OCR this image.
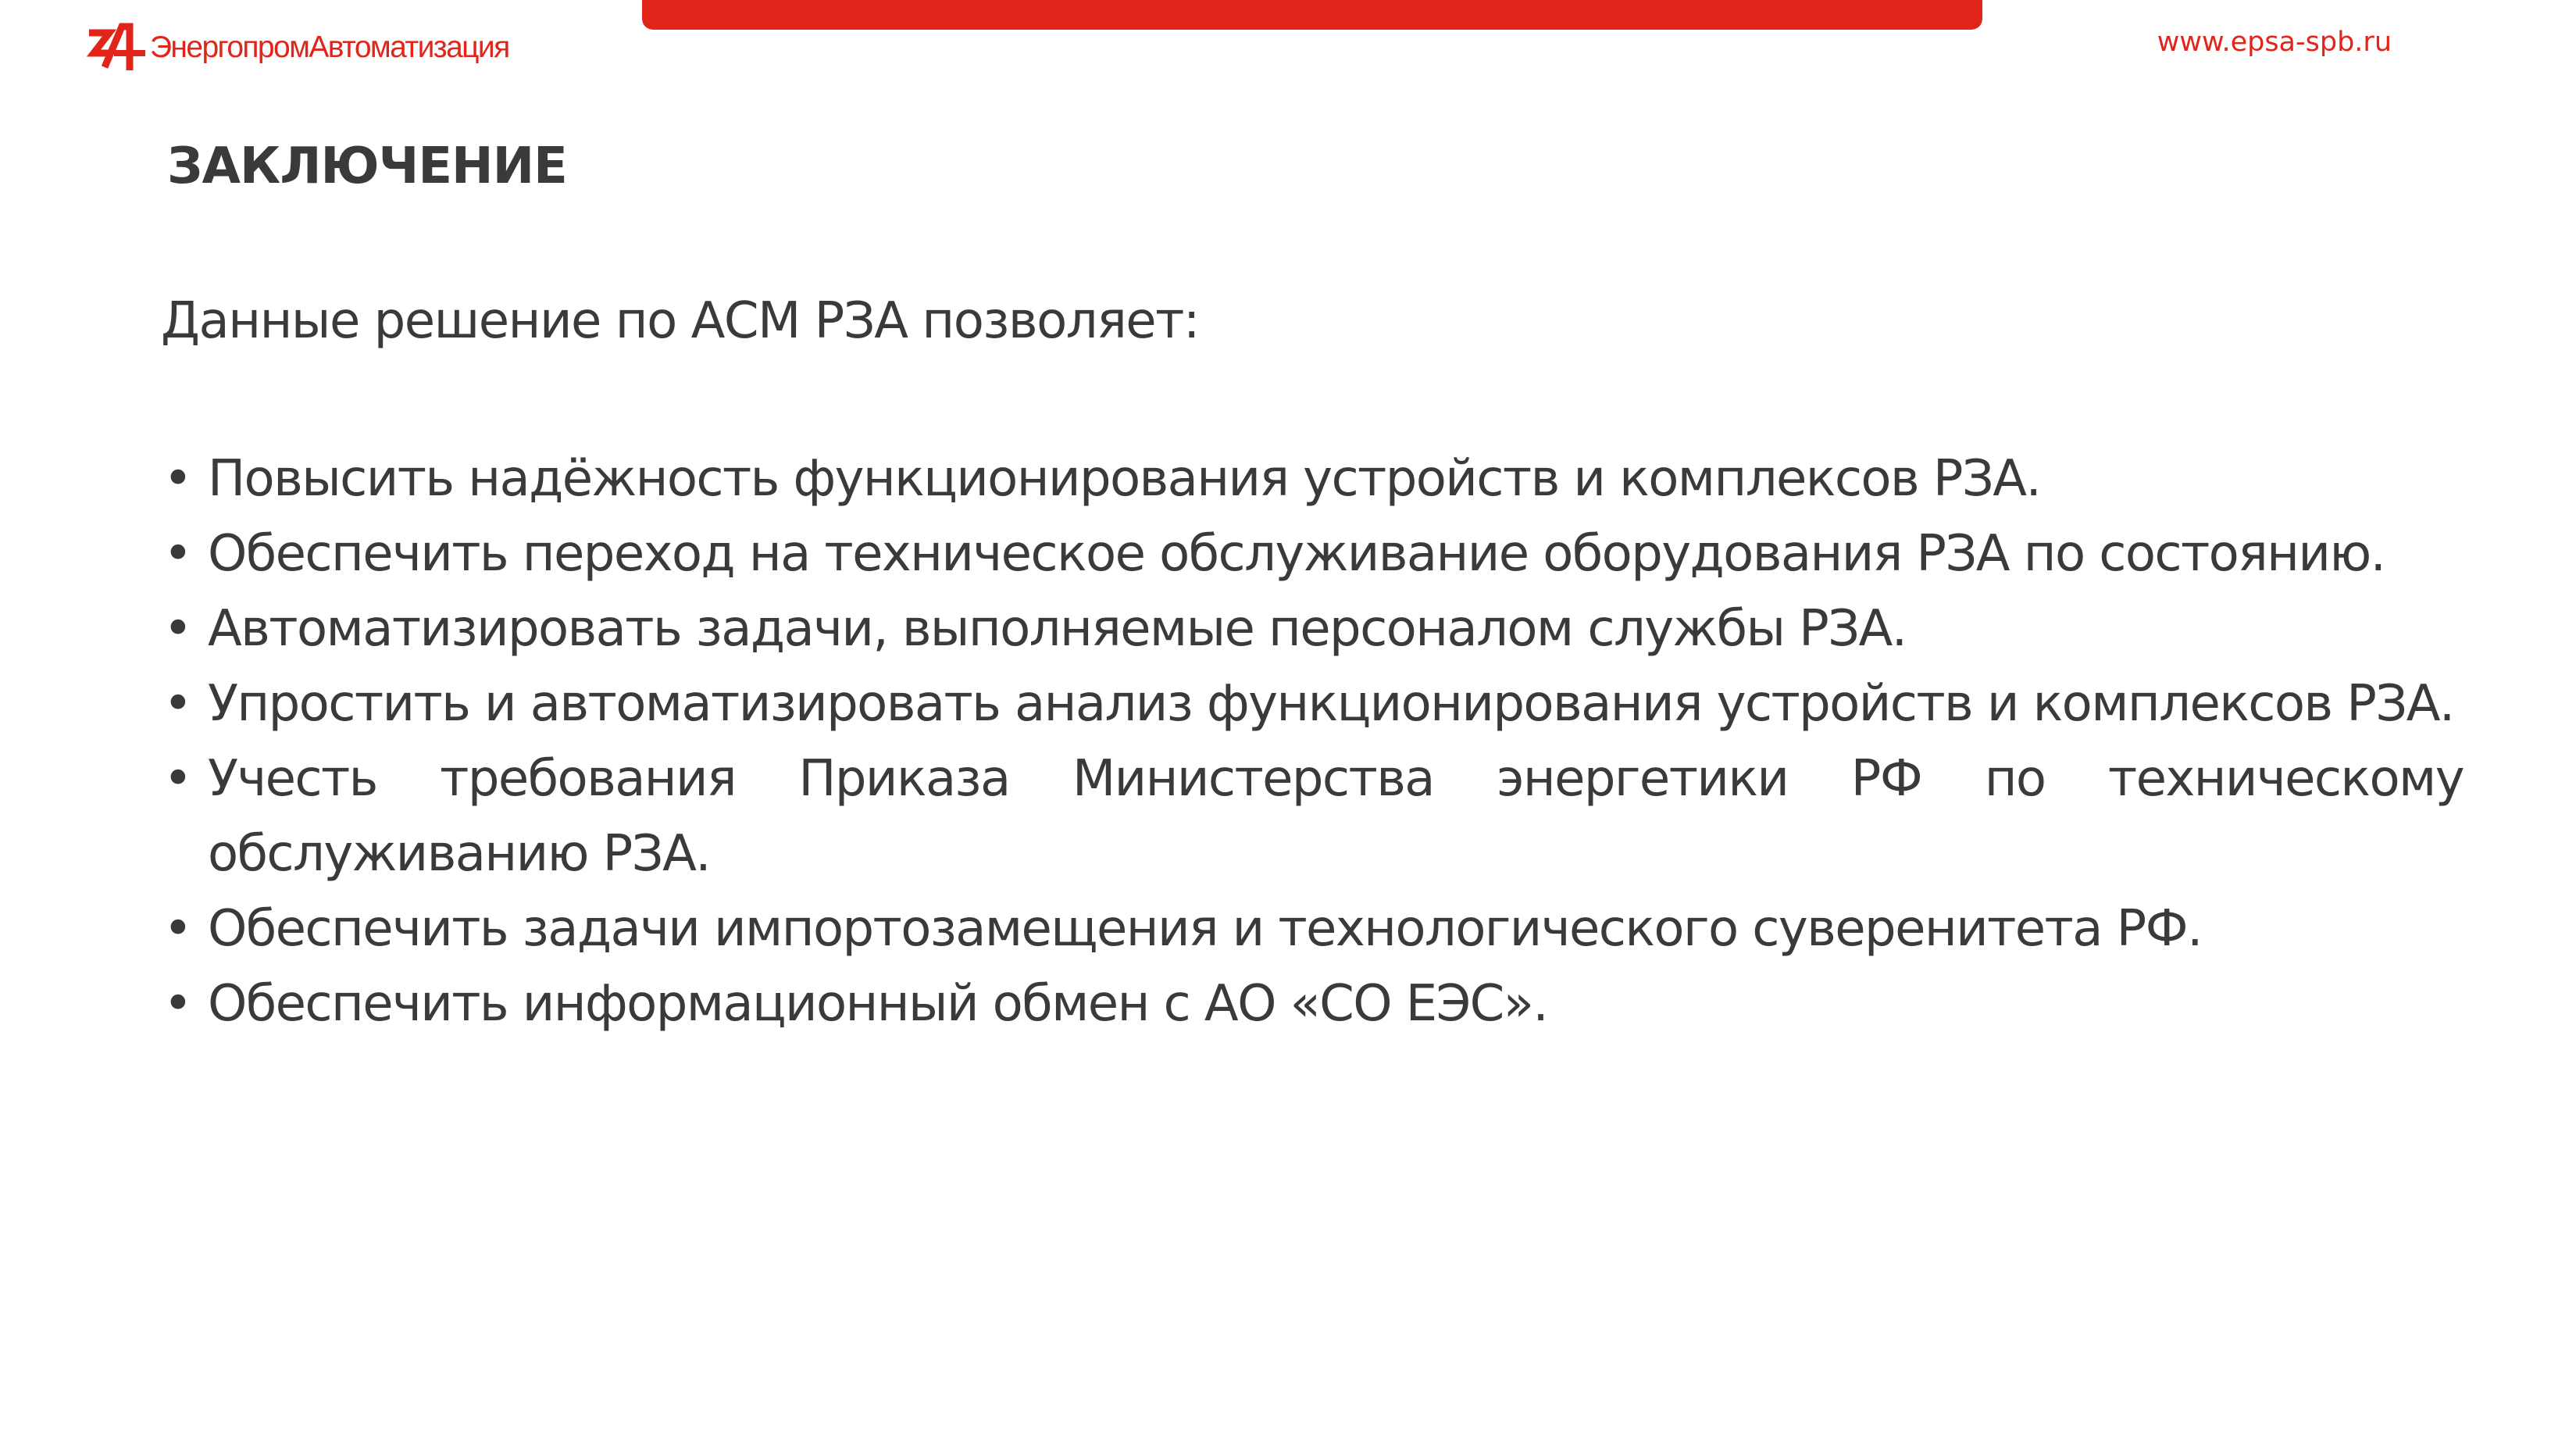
ЭнергопромАвтоматизация	www.epsa-spb.ru
ЗАКЛЮЧЕНИЕ

Данные решение по АСМ РЗА позволяет:

• Повысить надёжность функционирования устройств и комплексов РЗА.
• Обеспечить переход на техническое обслуживание оборудования РЗА по состоянию.
• Автоматизировать задачи, выполняемые персоналом службы РЗА.
• Упростить и автоматизировать анализ функционирования устройств и комплексов РЗА.
• Учесть требования Приказа Министерства энергетики РФ по техническому обслуживанию РЗА.
• Обеспечить задачи импортозамещения и технологического суверенитета РФ.
• Обеспечить информационный обмен с АО «СО ЕЭС».
